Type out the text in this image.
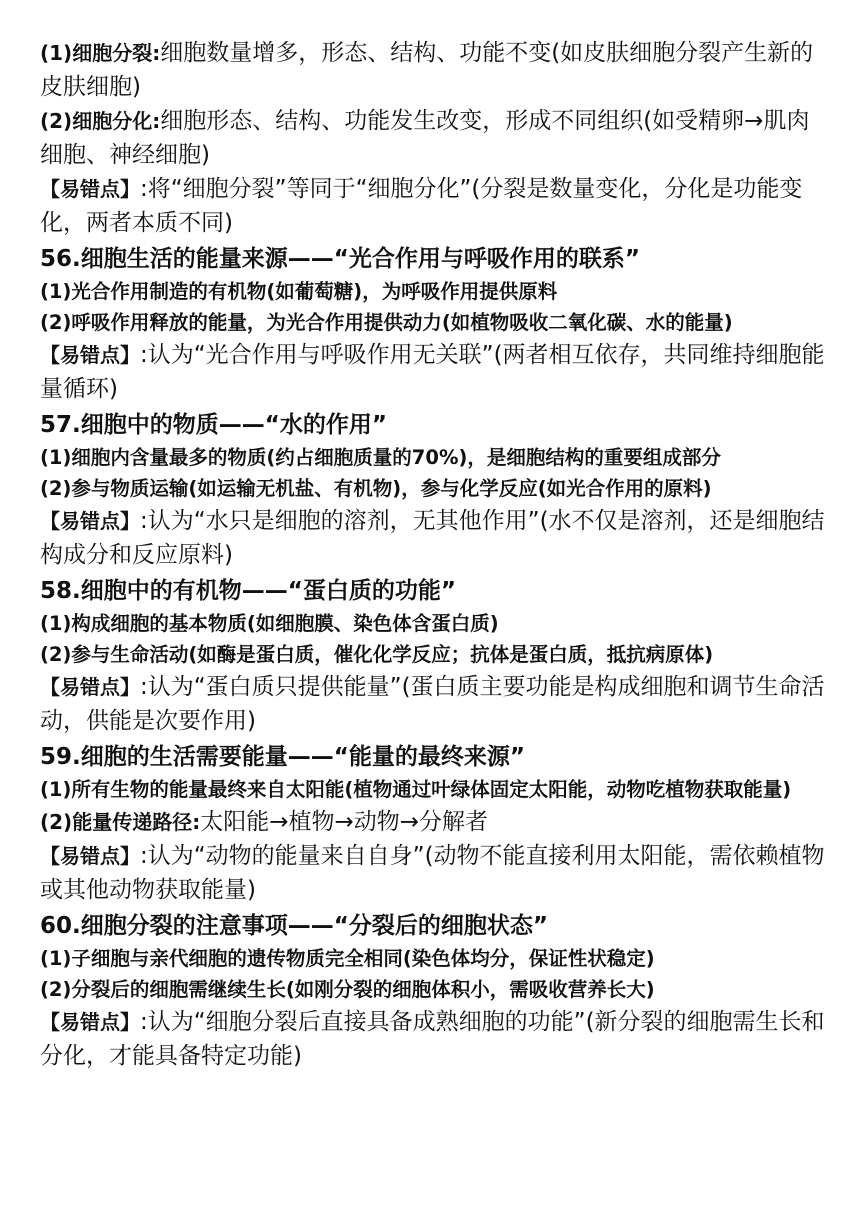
(1)细胞分裂:细胞数量增多，形态、结构、功能不变(如皮肤细胞分裂产生新的皮肤细胞)

(2)细胞分化:细胞形态、结构、功能发生改变，形成不同组织(如受精卵→肌肉细胞、神经细胞)

【易错点】:将“细胞分裂”等同于“细胞分化”(分裂是数量变化，分化是功能变化，两者本质不同)

56.细胞生活的能量来源——“光合作用与呼吸作用的联系”

(1)光合作用制造的有机物(如葡萄糖)，为呼吸作用提供原料

(2)呼吸作用释放的能量，为光合作用提供动力(如植物吸收二氧化碳、水的能量)

【易错点】:认为“光合作用与呼吸作用无关联”(两者相互依存，共同维持细胞能量循环)

57.细胞中的物质——“水的作用”

(1)细胞内含量最多的物质(约占细胞质量的70%)，是细胞结构的重要组成部分

(2)参与物质运输(如运输无机盐、有机物)，参与化学反应(如光合作用的原料)

【易错点】:认为“水只是细胞的溶剂，无其他作用”(水不仅是溶剂，还是细胞结构成分和反应原料)

58.细胞中的有机物——“蛋白质的功能”

(1)构成细胞的基本物质(如细胞膜、染色体含蛋白质)

(2)参与生命活动(如酶是蛋白质，催化化学反应；抗体是蛋白质，抵抗病原体)

【易错点】:认为“蛋白质只提供能量”(蛋白质主要功能是构成细胞和调节生命活动，供能是次要作用)

59.细胞的生活需要能量——“能量的最终来源”

(1)所有生物的能量最终来自太阳能(植物通过叶绿体固定太阳能，动物吃植物获取能量)

(2)能量传递路径:太阳能→植物→动物→分解者

【易错点】:认为“动物的能量来自自身”(动物不能直接利用太阳能，需依赖植物或其他动物获取能量)

60.细胞分裂的注意事项——“分裂后的细胞状态”

(1)子细胞与亲代细胞的遗传物质完全相同(染色体均分，保证性状稳定)

(2)分裂后的细胞需继续生长(如刚分裂的细胞体积小，需吸收营养长大)

【易错点】:认为“细胞分裂后直接具备成熟细胞的功能”(新分裂的细胞需生长和分化，才能具备特定功能)
